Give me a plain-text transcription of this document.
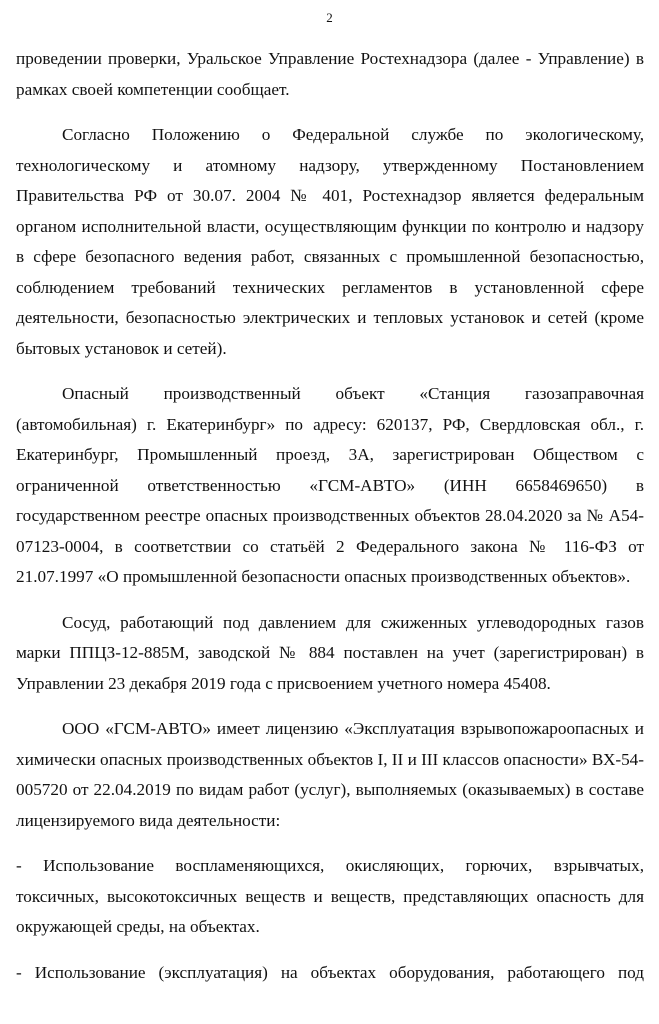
2

проведении проверки, Уральское Управление Ростехнадзора (далее - Управление) в рамках своей компетенции сообщает.

Согласно Положению о Федеральной службе по экологическому, технологическому и атомному надзору, утвержденному Постановлением Правительства РФ от 30.07. 2004 № 401, Ростехнадзор является федеральным органом исполнительной власти, осуществляющим функции по контролю и надзору в сфере безопасного ведения работ, связанных с промышленной безопасностью, соблюдением требований технических регламентов в установленной сфере деятельности, безопасностью электрических и тепловых установок и сетей (кроме бытовых установок и сетей).

Опасный производственный объект «Станция газозаправочная (автомобильная) г. Екатеринбург» по адресу: 620137, РФ, Свердловская обл., г. Екатеринбург, Промышленный проезд, 3А, зарегистрирован Обществом с ограниченной ответственностью «ГСМ-АВТО» (ИНН 6658469650) в государственном реестре опасных производственных объектов 28.04.2020 за № А54-07123-0004, в соответствии со статьёй 2 Федерального закона № 116-ФЗ от 21.07.1997 «О промышленной безопасности опасных производственных объектов».

Сосуд, работающий под давлением для сжиженных углеводородных газов марки ППЦЗ-12-885М, заводской № 884 поставлен на учет (зарегистрирован) в Управлении 23 декабря 2019 года с присвоением учетного номера 45408.

ООО «ГСМ-АВТО» имеет лицензию «Эксплуатация взрывопожароопасных и химически опасных производственных объектов I, II и III классов опасности» ВХ-54-005720 от 22.04.2019 по видам работ (услуг), выполняемых (оказываемых) в составе лицензируемого вида деятельности:

- Использование воспламеняющихся, окисляющих, горючих, взрывчатых, токсичных, высокотоксичных веществ и веществ, представляющих опасность для окружающей среды, на объектах.

- Использование (эксплуатация) на объектах оборудования, работающего под
